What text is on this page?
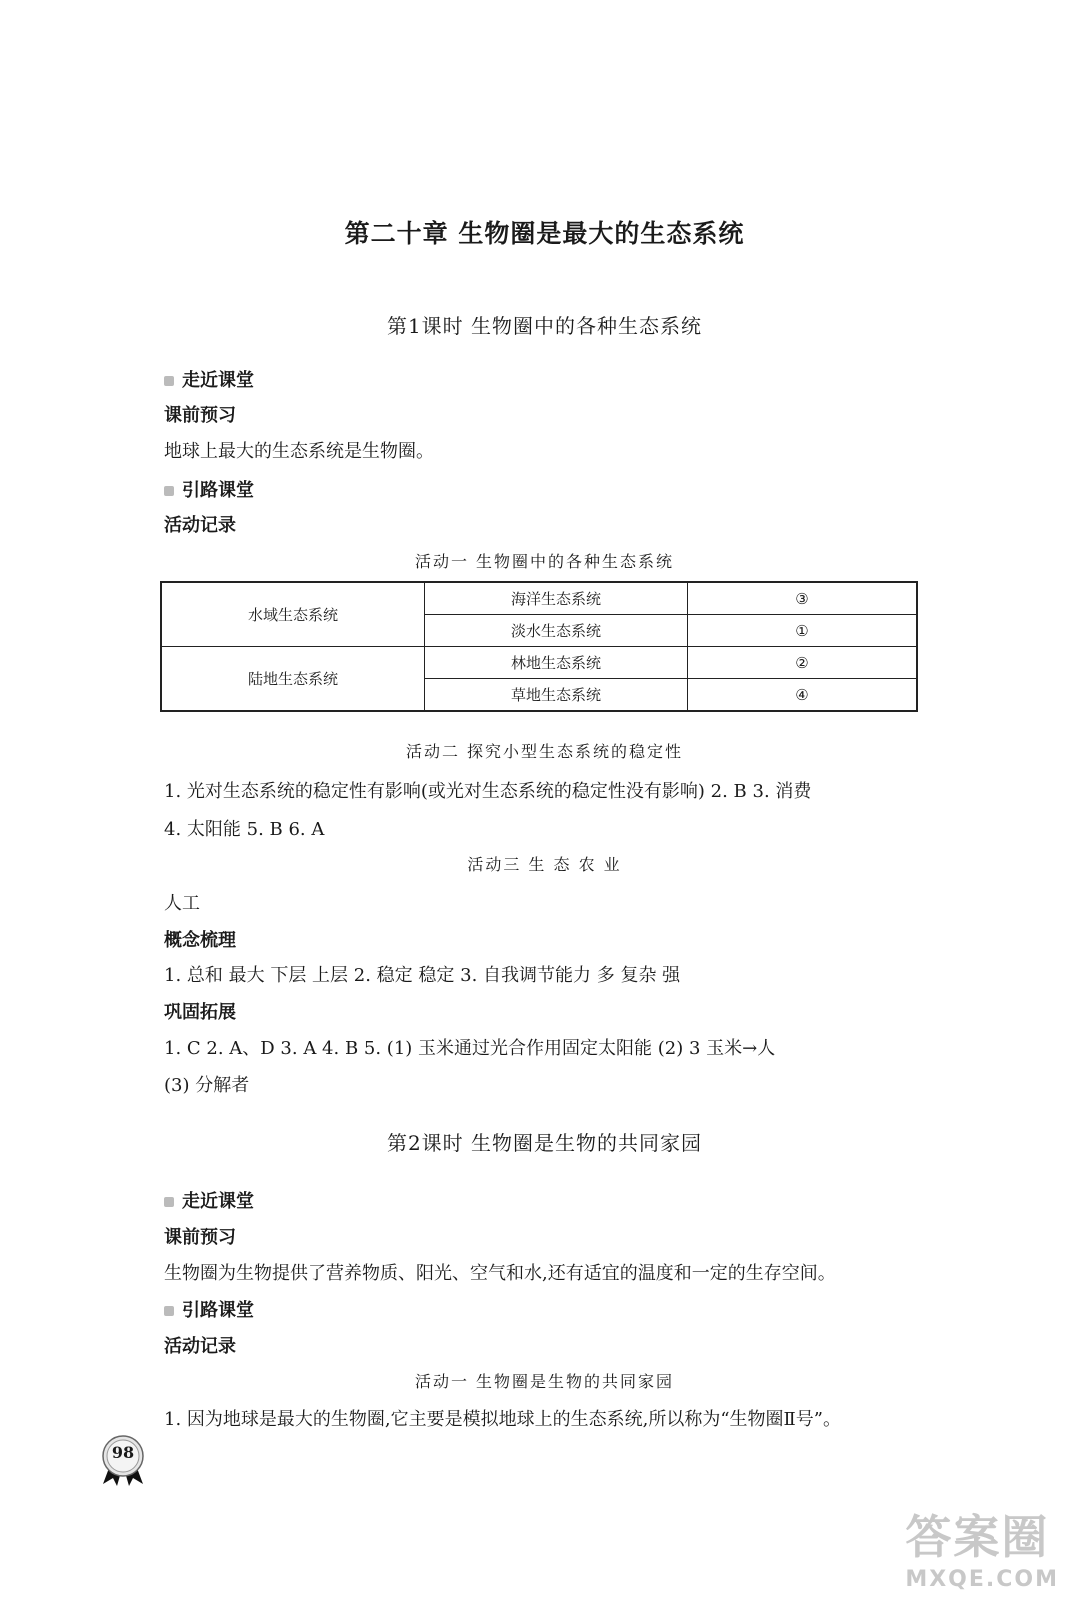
第二十章 生物圈是最大的生态系统
第1课时 生物圈中的各种生态系统
走近课堂
课前预习
地球上最大的生态系统是生物圈。
引路课堂
活动记录
活动一 生物圈中的各种生态系统
水域生态系统	海洋生态系统	③
	淡水生态系统	①
陆地生态系统	林地生态系统	②
	草地生态系统	④
活动二 探究小型生态系统的稳定性
1. 光对生态系统的稳定性有影响(或光对生态系统的稳定性没有影响) 2. B 3. 消费
4. 太阳能 5. B 6. A
活动三 生 态 农 业
人工
概念梳理
1. 总和 最大 下层 上层 2. 稳定 稳定 3. 自我调节能力 多 复杂 强
巩固拓展
1. C 2. A、D 3. A 4. B 5. (1) 玉米通过光合作用固定太阳能 (2) 3 玉米→人
(3) 分解者
第2课时 生物圈是生物的共同家园
走近课堂
课前预习
生物圈为生物提供了营养物质、阳光、空气和水,还有适宜的温度和一定的生存空间。
引路课堂
活动记录
活动一 生物圈是生物的共同家园
1. 因为地球是最大的生物圈,它主要是模拟地球上的生态系统,所以称为“生物圈Ⅱ号”。
98
答案圈
MXQE.COM
